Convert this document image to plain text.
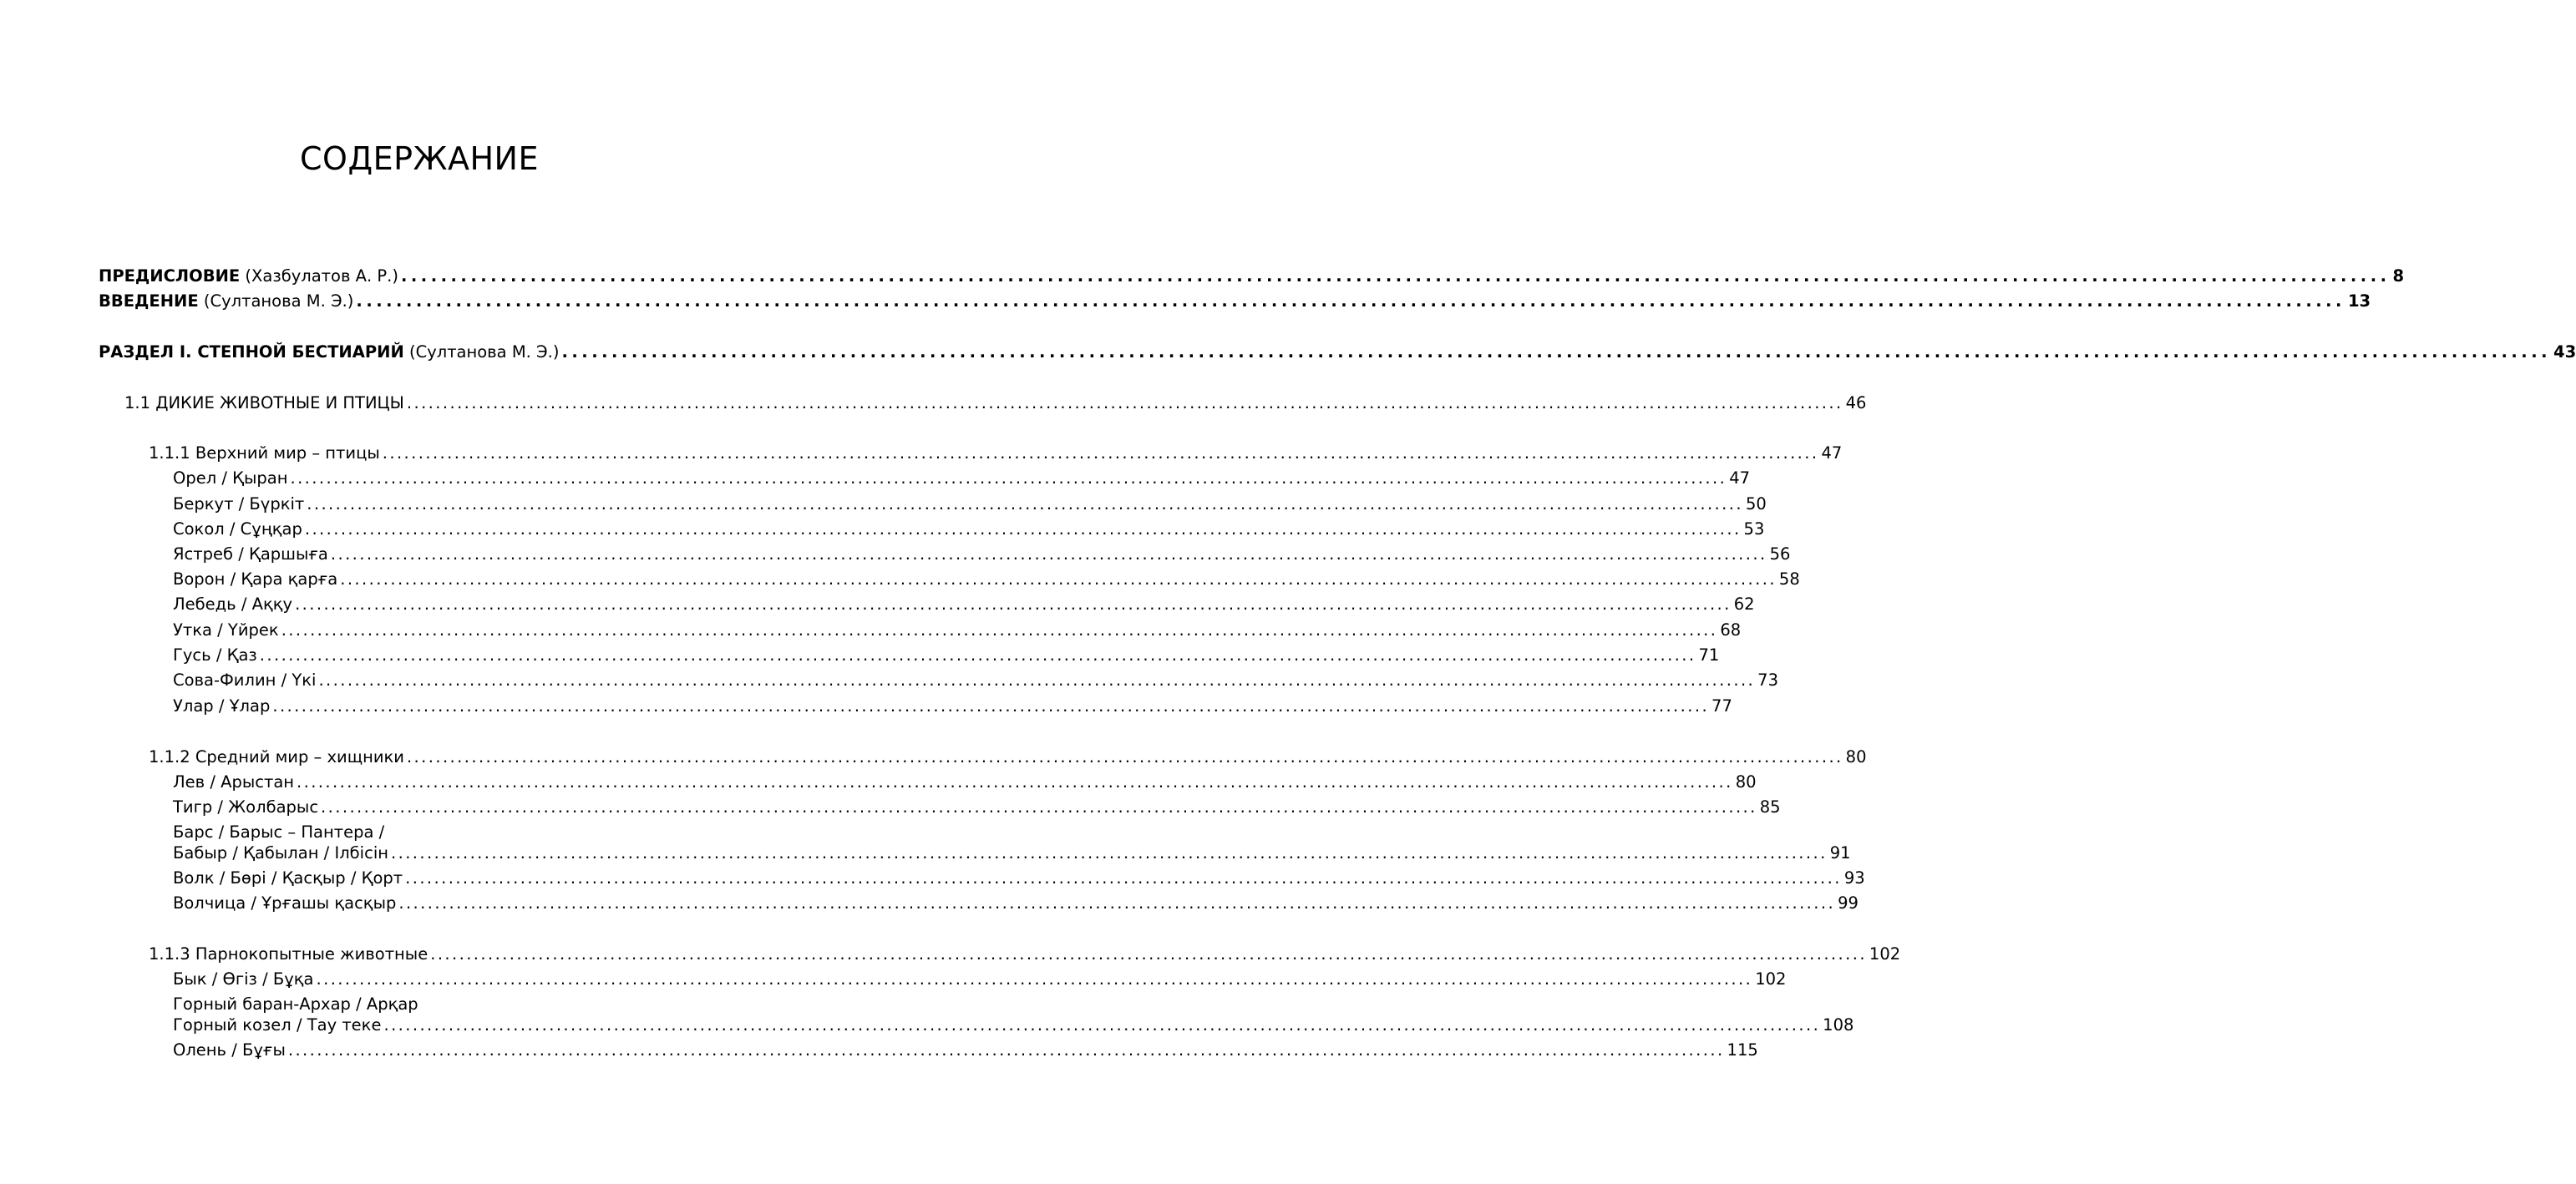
СОДЕРЖАНИЕ
ПРЕДИСЛОВИЕ (Хазбулатов А. Р.) ........................................................................................................................................................................................................ 8
ВВЕДЕНИЕ (Султанова М. Э.) ........................................................................................................................................................................................................ 13
РАЗДЕЛ I. СТЕПНОЙ БЕСТИАРИЙ (Султанова М. Э.) ........................................................................................................................................................................................................ 43
1.1 ДИКИЕ ЖИВОТНЫЕ И ПТИЦЫ ........................................................................................................................................................................................................ 46
1.1.1 Верхний мир – птицы ........................................................................................................................................................................................................ 47
Орел / Қыран ........................................................................................................................................................................................................ 47
Беркут / Бүркіт ........................................................................................................................................................................................................ 50
Сокол / Сұңқар ........................................................................................................................................................................................................ 53
Ястреб / Қаршыға ........................................................................................................................................................................................................ 56
Ворон / Қара қарға ........................................................................................................................................................................................................ 58
Лебедь / Аққу ........................................................................................................................................................................................................ 62
Утка / Үйрек ........................................................................................................................................................................................................ 68
Гусь / Қаз ........................................................................................................................................................................................................ 71
Сова-Филин / Үкі ........................................................................................................................................................................................................ 73
Улар / Ұлар ........................................................................................................................................................................................................ 77
1.1.2 Средний мир – хищники ........................................................................................................................................................................................................ 80
Лев / Арыстан ........................................................................................................................................................................................................ 80
Тигр / Жолбарыс ........................................................................................................................................................................................................ 85
Барс / Барыс – Пантера /
Бабыр / Қабылан / Ілбісін ........................................................................................................................................................................................................ 91
Волк / Бөрі / Қасқыр / Қорт ........................................................................................................................................................................................................ 93
Волчица / Ұрғашы қасқыр ........................................................................................................................................................................................................ 99
1.1.3 Парнокопытные животные ........................................................................................................................................................................................................ 102
Бык / Өгіз / Бұқа ........................................................................................................................................................................................................ 102
Горный баран-Архар / Арқар
Горный козел / Тау теке ........................................................................................................................................................................................................ 108
Олень / Бұғы ........................................................................................................................................................................................................ 115
